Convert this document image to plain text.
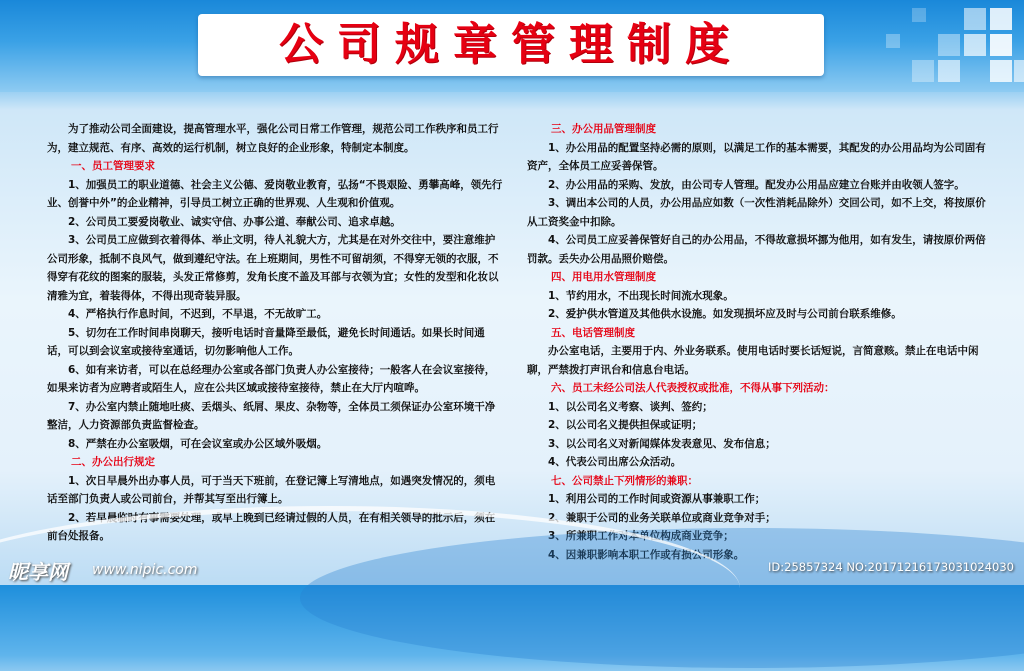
公司规章管理制度

为了推动公司全面建设，提高管理水平，强化公司日常工作管理，规范公司工作秩序和员工行为，建立规范、有序、高效的运行机制，树立良好的企业形象，特制定本制度。

一、员工管理要求

1、加强员工的职业道德、社会主义公德、爱岗敬业教育，弘扬“不畏艰险、勇攀高峰，领先行业、创誉中外”的企业精神，引导员工树立正确的世界观、人生观和价值观。

2、公司员工要爱岗敬业、诚实守信、办事公道、奉献公司、追求卓越。

3、公司员工应做到衣着得体、举止文明，待人礼貌大方，尤其是在对外交往中，要注意维护公司形象，抵制不良风气，做到遵纪守法。在上班期间，男性不可留胡须，不得穿无领的衣服，不得穿有花纹的图案的服装，头发正常修剪，发角长度不盖及耳部与衣领为宜；女性的发型和化妆以清雅为宜，着装得体，不得出现奇装异服。

4、严格执行作息时间，不迟到，不早退，不无故旷工。

5、切勿在工作时间串岗聊天，接听电话时音量降至最低，避免长时间通话。如果长时间通话，可以到会议室或接待室通话，切勿影响他人工作。

6、如有来访者，可以在总经理办公室或各部门负责人办公室接待；一般客人在会议室接待，如果来访者为应聘者或陌生人，应在公共区域或接待室接待，禁止在大厅内喧哗。

7、办公室内禁止随地吐痰、丢烟头、纸屑、果皮、杂物等，全体员工须保证办公室环境干净整洁，人力资源部负责监督检查。

8、严禁在办公室吸烟，可在会议室或办公区域外吸烟。

二、办公出行规定

1、次日早晨外出办事人员，可于当天下班前，在登记簿上写清地点，如遇突发情况的，须电话至部门负责人或公司前台，并帮其写至出行簿上。

2、若早晨临时有事需要处理，或早上晚到已经请过假的人员，在有相关领导的批示后，须在前台处报备。

三、办公用品管理制度

1、办公用品的配置坚持必需的原则，以满足工作的基本需要，其配发的办公用品均为公司固有资产，全体员工应妥善保管。

2、办公用品的采购、发放，由公司专人管理。配发办公用品应建立台账并由收领人签字。

3、调出本公司的人员，办公用品应如数（一次性消耗品除外）交回公司，如不上交，将按原价从工资奖金中扣除。

4、公司员工应妥善保管好自己的办公用品，不得故意损坏挪为他用，如有发生，请按原价两倍罚款。丢失办公用品照价赔偿。

四、用电用水管理制度

1、节约用水，不出现长时间流水现象。

2、爱护供水管道及其他供水设施。如发现损坏应及时与公司前台联系维修。

五、电话管理制度

办公室电话，主要用于内、外业务联系。使用电话时要长话短说，言简意赅。禁止在电话中闲聊，严禁拨打声讯台和信息台电话。

六、员工未经公司法人代表授权或批准，不得从事下列活动：

1、以公司名义考察、谈判、签约；

2、以公司名义提供担保或证明；

3、以公司名义对新闻媒体发表意见、发布信息；

4、代表公司出席公众活动。

七、公司禁止下列情形的兼职：

1、利用公司的工作时间或资源从事兼职工作；

2、兼职于公司的业务关联单位或商业竞争对手；

3、所兼职工作对本单位构成商业竞争；

4、因兼职影响本职工作或有损公司形象。

昵享网 www.nipic.com	ID:25857324 NO:20171216173031024030
